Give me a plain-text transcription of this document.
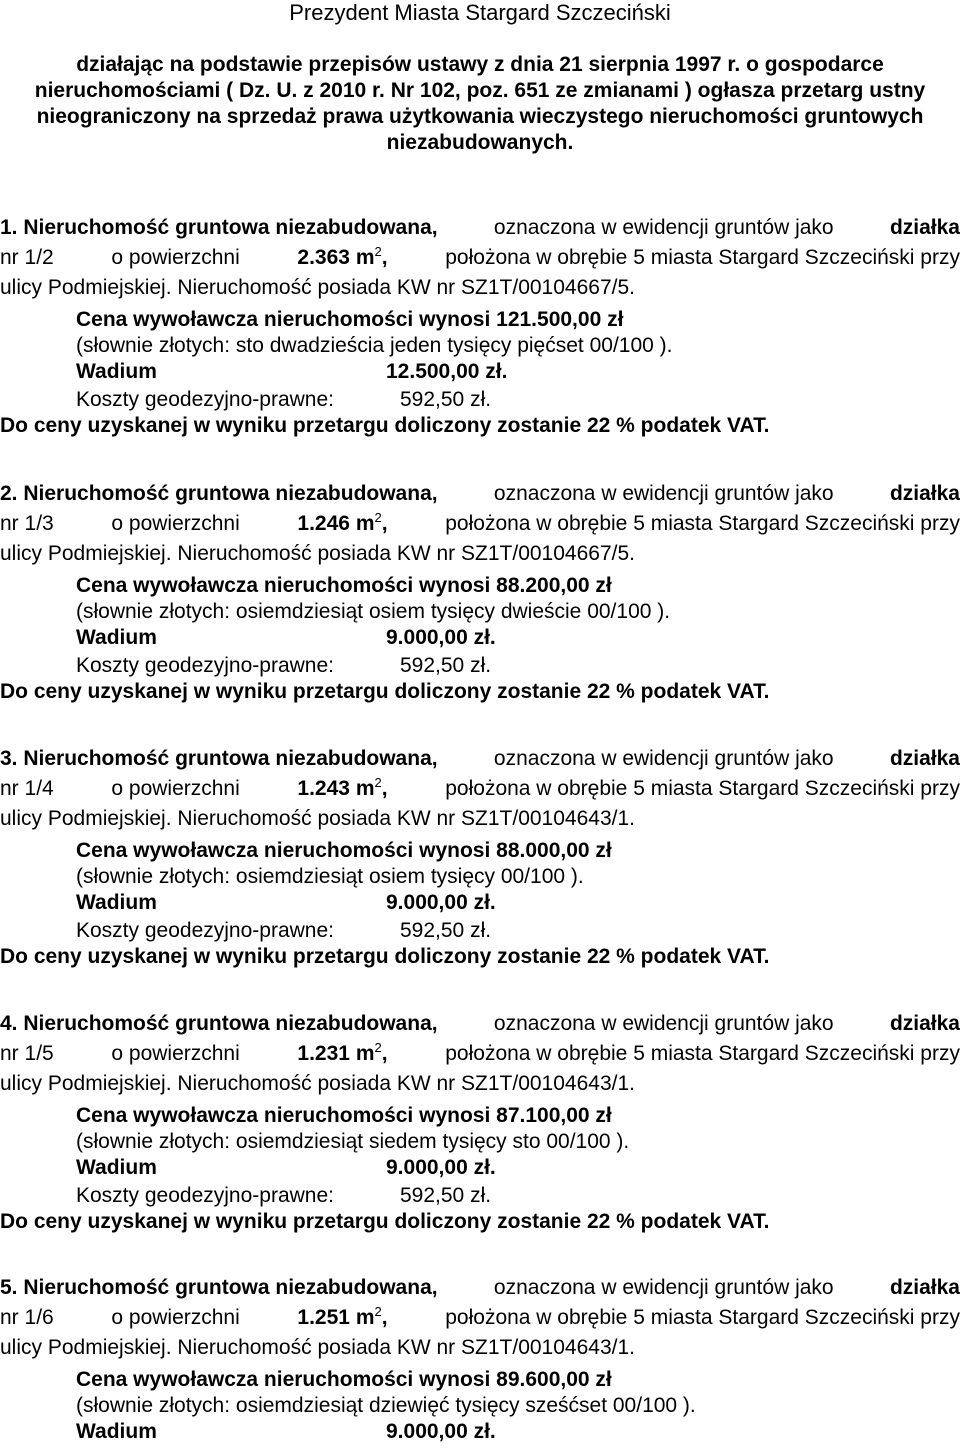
Prezydent Miasta Stargard Szczeciński
działając na podstawie przepisów ustawy z dnia 21 sierpnia 1997 r. o gospodarce nieruchomościami ( Dz. U. z 2010 r. Nr 102, poz. 651 ze zmianami ) ogłasza przetarg ustny nieograniczony na sprzedaż prawa użytkowania wieczystego nieruchomości gruntowych niezabudowanych.
1. Nieruchomość gruntowa niezabudowana,	oznaczona w ewidencji gruntów jako	działka
nr 1/2	o powierzchni	2.363 $m^2$,	położona w obrębie 5 miasta Stargard Szczeciński przy
ulicy Podmiejskiej. Nieruchomość posiada KW nr SZ1T/00104667/5.
Cena wywoławcza nieruchomości wynosi 121.500,00 zł
(słownie złotych: sto dwadzieścia jeden tysięcy pięćset 00/100 ).
Wadium	12.500,00 zł.
Koszty geodezyjno-prawne:	592,50 zł.
Do ceny uzyskanej w wyniku przetargu doliczony zostanie 22 % podatek VAT.
2. Nieruchomość gruntowa niezabudowana,	oznaczona w ewidencji gruntów jako	działka
nr 1/3	o powierzchni	1.246 $m^2$,	położona w obrębie 5 miasta Stargard Szczeciński przy
ulicy Podmiejskiej. Nieruchomość posiada KW nr SZ1T/00104667/5.
Cena wywoławcza nieruchomości wynosi 88.200,00 zł
(słownie złotych: osiemdziesiąt osiem tysięcy dwieście 00/100 ).
Wadium	9.000,00 zł.
Koszty geodezyjno-prawne:	592,50 zł.
Do ceny uzyskanej w wyniku przetargu doliczony zostanie 22 % podatek VAT.
3. Nieruchomość gruntowa niezabudowana,	oznaczona w ewidencji gruntów jako	działka
nr 1/4	o powierzchni	1.243 $m^2$,	położona w obrębie 5 miasta Stargard Szczeciński przy
ulicy Podmiejskiej. Nieruchomość posiada KW nr SZ1T/00104643/1.
Cena wywoławcza nieruchomości wynosi 88.000,00 zł
(słownie złotych: osiemdziesiąt osiem tysięcy 00/100 ).
Wadium	9.000,00 zł.
Koszty geodezyjno-prawne:	592,50 zł.
Do ceny uzyskanej w wyniku przetargu doliczony zostanie 22 % podatek VAT.
4. Nieruchomość gruntowa niezabudowana,	oznaczona w ewidencji gruntów jako	działka
nr 1/5	o powierzchni	1.231 $m^2$,	położona w obrębie 5 miasta Stargard Szczeciński przy
ulicy Podmiejskiej. Nieruchomość posiada KW nr SZ1T/00104643/1.
Cena wywoławcza nieruchomości wynosi 87.100,00 zł
(słownie złotych: osiemdziesiąt siedem tysięcy sto 00/100 ).
Wadium	9.000,00 zł.
Koszty geodezyjno-prawne:	592,50 zł.
Do ceny uzyskanej w wyniku przetargu doliczony zostanie 22 % podatek VAT.
5. Nieruchomość gruntowa niezabudowana,	oznaczona w ewidencji gruntów jako	działka
nr 1/6	o powierzchni	1.251 $m^2$,	położona w obrębie 5 miasta Stargard Szczeciński przy
ulicy Podmiejskiej. Nieruchomość posiada KW nr SZ1T/00104643/1.
Cena wywoławcza nieruchomości wynosi 89.600,00 zł
(słownie złotych: osiemdziesiąt dziewięć tysięcy sześćset 00/100 ).
Wadium	9.000,00 zł.
